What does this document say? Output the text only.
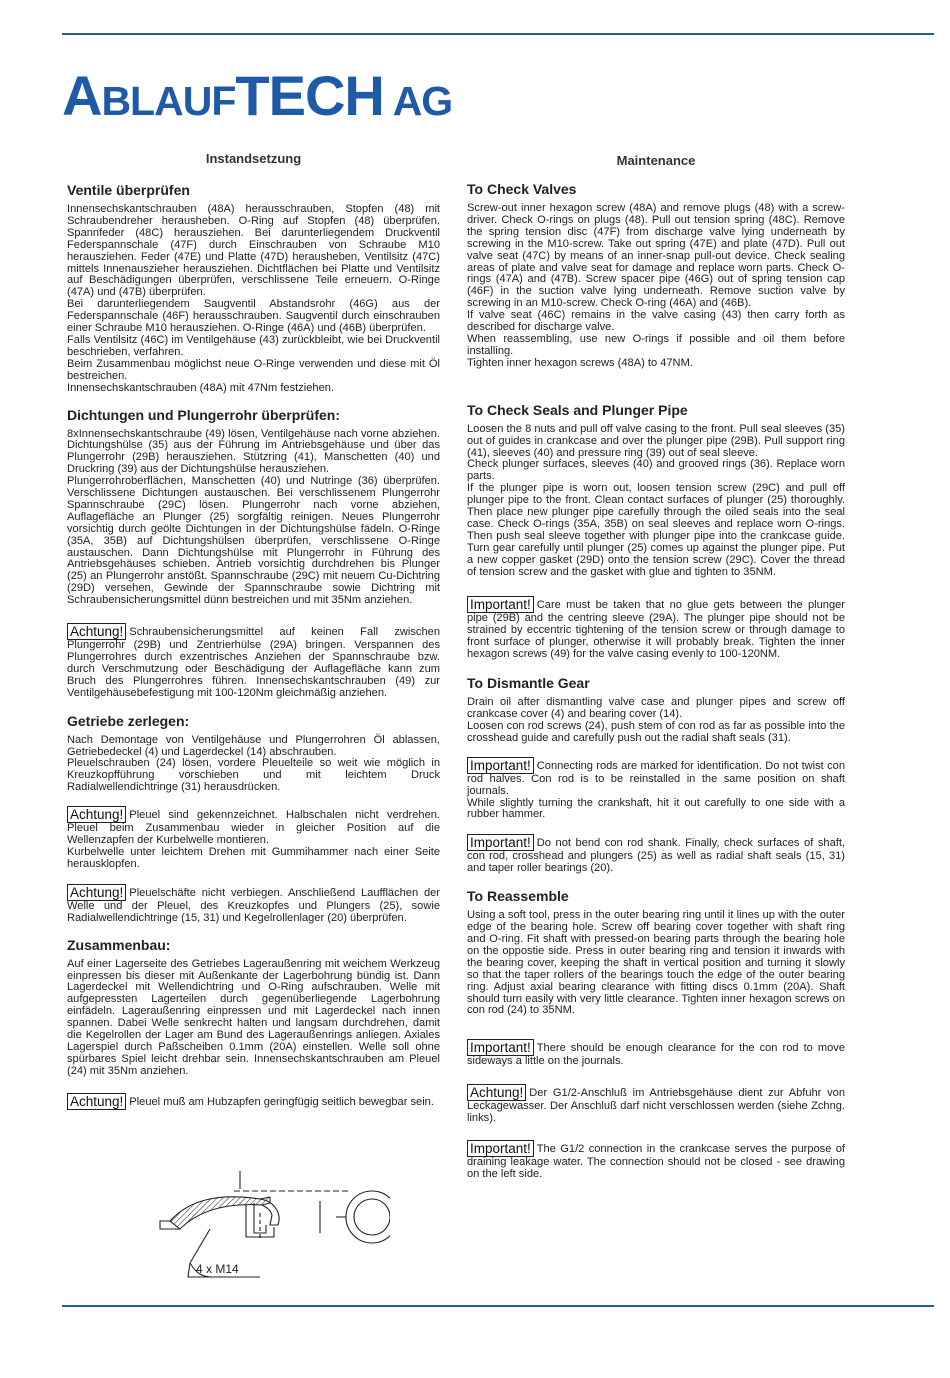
ABLAUFTECH AG
Instandsetzung
Ventile überprüfen

Innensechskantschrauben (48A) herausschrauben, Stopfen (48) mit Schraubendreher herausheben. O-Ring auf Stopfen (48) überprüfen. Spannfeder (48C) herausziehen. Bei darunterliegendem Druckventil Federspannschale (47F) durch Einschrauben von Schraube M10 herausziehen. Feder (47E) und Platte (47D) herausheben, Ventilsitz (47C) mittels Innenauszieher herausziehen. Dichtflächen bei Platte und Ventilsitz auf Beschädigungen überprüfen, verschlissene Teile erneuern. O-Ringe (47A) und (47B) überprüfen.

Bei darunterliegendem Saugventil Abstandsrohr (46G) aus der Federspannschale (46F) herausschrauben. Saugventil durch einschrauben einer Schraube M10 herausziehen. O-Ringe (46A) und (46B) überprüfen.

Falls Ventilsitz (46C) im Ventilgehäuse (43) zurückbleibt, wie bei Druckventil beschrieben, verfahren.

Beim Zusammenbau möglichst neue O-Ringe verwenden und diese mit Öl bestreichen.

Innensechskantschrauben (48A) mit 47Nm festziehen.

Dichtungen und Plungerrohr überprüfen:

8xInnensechskantschraube (49) lösen, Ventilgehäuse nach vorne abziehen. Dichtungshülse (35) aus der Führung im Antriebsgehäuse und über das Plungerrohr (29B) herausziehen. Stützring (41), Manschetten (40) und Druckring (39) aus der Dichtungshülse herausziehen.

Plungerrohroberflächen, Manschetten (40) und Nutringe (36) überprüfen. Verschlissene Dichtungen austauschen. Bei verschlissenem Plungerrohr Spannschraube (29C) lösen. Plungerrohr nach vorne abziehen, Auflagefläche an Plunger (25) sorgfältig reinigen. Neues Plungerrohr vorsichtig durch geölte Dichtungen in der Dichtungshülse fädeln. O-Ringe (35A, 35B) auf Dichtungshülsen überprüfen, verschlissene O-Ringe austauschen. Dann Dichtungshülse mit Plungerrohr in Führung des Antriebsgehäuses schieben. Antrieb vorsichtig durchdrehen bis Plunger (25) an Plungerrohr anstößt. Spannschraube (29C) mit neuem Cu-Dichtring (29D) versehen, Gewinde der Spannschraube sowie Dichtring mit Schraubensicherungsmittel dünn bestreichen und mit 35Nm anziehen.

Achtung! Schraubensicherungsmittel auf keinen Fall zwischen Plungerrohr (29B) und Zentrierhülse (29A) bringen. Verspannen des Plungerrohres durch exzentrisches Anziehen der Spannschraube bzw. durch Verschmutzung oder Beschädigung der Auflagefläche kann zum Bruch des Plungerrohres führen. Innensechskantschrauben (49) zur Ventilgehäusebefestigung mit 100-120Nm gleichmäßig anziehen.
Getriebe zerlegen:

Nach Demontage von Ventilgehäuse und Plungerrohren Öl ablassen, Getriebedeckel (4) und Lagerdeckel (14) abschrauben.

Pleuelschrauben (24) lösen, vordere Pleuelteile so weit wie möglich in Kreuzkopfführung vorschieben und mit leichtem Druck Radialwellendichtringe (31) herausdrücken.

Achtung! Pleuel sind gekennzeichnet. Halbschalen nicht verdrehen. Pleuel beim Zusammenbau wieder in gleicher Position auf die Wellenzapfen der Kurbelwelle montieren.

Kurbelwelle unter leichtem Drehen mit Gummihammer nach einer Seite herausklopfen.

Achtung! Pleuelschäfte nicht verbiegen. Anschließend Laufflächen der Welle und der Pleuel, des Kreuzkopfes und Plungers (25), sowie Radialwellendichtringe (15, 31) und Kegelrollenlager (20) überprüfen.
Zusammenbau:

Auf einer Lagerseite des Getriebes Lageraußenring mit weichem Werkzeug einpressen bis dieser mit Außenkante der Lagerbohrung bündig ist. Dann Lagerdeckel mit Wellendichtring und O-Ring aufschrauben. Welle mit aufgepressten Lagerteilen durch gegenüberliegende Lagerbohrung einfädeln. Lageraußenring einpressen und mit Lagerdeckel nach innen spannen. Dabei Welle senkrecht halten und langsam durchdrehen, damit die Kegelrollen der Lager am Bund des Lageraußenrings anliegen. Axiales Lagerspiel durch Paßscheiben 0.1mm (20A) einstellen. Welle soll ohne spürbares Spiel leicht drehbar sein. Innensechskantschrauben am Pleuel (24) mit 35Nm anziehen.

Achtung! Pleuel muß am Hubzapfen geringfügig seitlich bewegbar sein.
4 x M14
Maintenance
To Check Valves

Screw-out inner hexagon screw (48A) and remove plugs (48) with a screw-driver. Check O-rings on plugs (48). Pull out tension spring (48C). Remove the spring tension disc (47F) from discharge valve lying underneath by screwing in the M10-screw. Take out spring (47E) and plate (47D). Pull out valve seat (47C) by means of an inner-snap pull-out device. Check sealing areas of plate and valve seat for damage and replace worn parts. Check O-rings (47A) and (47B). Screw spacer pipe (46G) out of spring tension cap (46F) in the suction valve lying underneath. Remove suction valve by screwing in an M10-screw. Check O-ring (46A) and (46B).

If valve seat (46C) remains in the valve casing (43) then carry forth as described for discharge valve.

When reassembling, use new O-rings if possible and oil them before installing.

Tighten inner hexagon screws (48A) to 47NM.

To Check Seals and Plunger Pipe

Loosen the 8 nuts and pull off valve casing to the front. Pull seal sleeves (35) out of guides in crankcase and over the plunger pipe (29B). Pull support ring (41), sleeves (40) and pressure ring (39) out of seal sleeve.

Check plunger surfaces, sleeves (40) and grooved rings (36). Replace worn parts.

If the plunger pipe is worn out, loosen tension screw (29C) and pull off plunger pipe to the front. Clean contact surfaces of plunger (25) thoroughly. Then place new plunger pipe carefully through the oiled seals into the seal case. Check O-rings (35A, 35B) on seal sleeves and replace worn O-rings. Then push seal sleeve together with plunger pipe into the crankcase guide. Turn gear carefully until plunger (25) comes up against the plunger pipe. Put a new copper gasket (29D) onto the tension screw (29C). Cover the thread of tension screw and the gasket with glue and tighten to 35NM.

Important! Care must be taken that no glue gets between the plunger pipe (29B) and the centring sleeve (29A). The plunger pipe should not be strained by eccentric tightening of the tension screw or through damage to front surface of plunger, otherwise it will probably break. Tighten the inner hexagon screws (49) for the valve casing evenly to 100-120NM.
To Dismantle Gear

Drain oil after dismantling valve case and plunger pipes and screw off crankcase cover (4) and bearing cover (14).

Loosen con rod screws (24), push stem of con rod as far as possible into the crosshead guide and carefully push out the radial shaft seals (31).

Important! Connecting rods are marked for identification. Do not twist con rod halves. Con rod is to be reinstalled in the same position on shaft journals.

While slightly turning the crankshaft, hit it out carefully to one side with a rubber hammer.

Important! Do not bend con rod shank. Finally, check surfaces of shaft, con rod, crosshead and plungers (25) as well as radial shaft seals (15, 31) and taper roller bearings (20).
To Reassemble

Using a soft tool, press in the outer bearing ring until it lines up with the outer edge of the bearing hole. Screw off bearing cover together with shaft ring and O-ring. Fit shaft with pressed-on bearing parts through the bearing hole on the oppostie side. Press in outer bearing ring and tension it inwards with the bearing cover, keeping the shaft in vertical position and turning it slowly so that the taper rollers of the bearings touch the edge of the outer bearing ring. Adjust axial bearing clearance with fitting discs 0.1mm (20A). Shaft should turn easily with very little clearance. Tighten inner hexagon screws on con rod (24) to 35NM.

Important! There should be enough clearance for the con rod to move sideways a little on the journals.
Achtung! Der G1/2-Anschluß im Antriebsgehäuse dient zur Abfuhr von Leckagewasser. Der Anschluß darf nicht verschlossen werden (siehe Zchng. links).
Important! The G1/2 connection in the crankcase serves the purpose of draining leakage water. The connection should not be closed - see drawing on the left side.
